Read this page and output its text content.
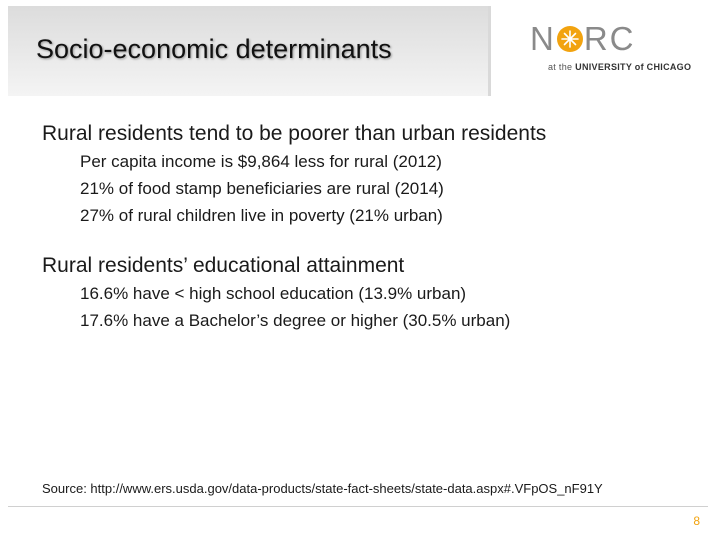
Socio-economic determinants	N RC
at the UNIVERSITY of CHICAGO

Rural residents tend to be poorer than urban residents

Per capita income is $9,864 less for rural (2012)

21% of food stamp beneficiaries are rural (2014)

27% of rural children live in poverty (21% urban)

Rural residents’ educational attainment

16.6% have < high school education (13.9% urban)

17.6% have a Bachelor’s degree or higher (30.5% urban)

Source: http://www.ers.usda.gov/data-products/state-fact-sheets/state-data.aspx#.VFpOS_nF91Y
8
